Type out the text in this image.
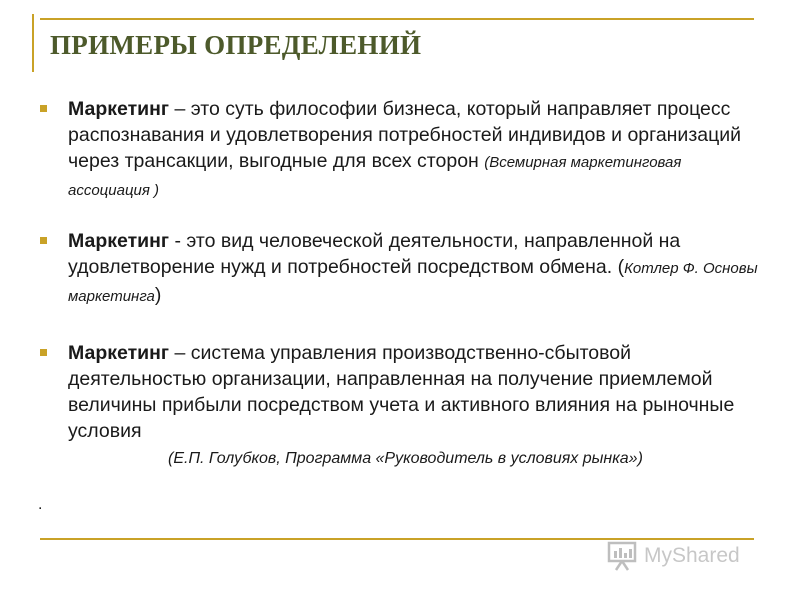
ПРИМЕРЫ ОПРЕДЕЛЕНИЙ

Маркетинг – это суть философии бизнеса, который направляет процесс распознавания и удовлетворения потребностей индивидов и организаций через трансакции, выгодные для всех сторон (Всемирная маркетинговая ассоциация )

Маркетинг - это вид человеческой деятельности, направленной на удовлетворение нужд и потребностей посредством обмена. (Котлер Ф. Основы маркетинга)

Маркетинг – система управления производственно-сбытовой деятельностью организации, направленная на получение приемлемой величины прибыли посредством учета и активного влияния на рыночные условия

(Е.П. Голубков, Программа «Руководитель в условиях рынка»)

.
MyShared
